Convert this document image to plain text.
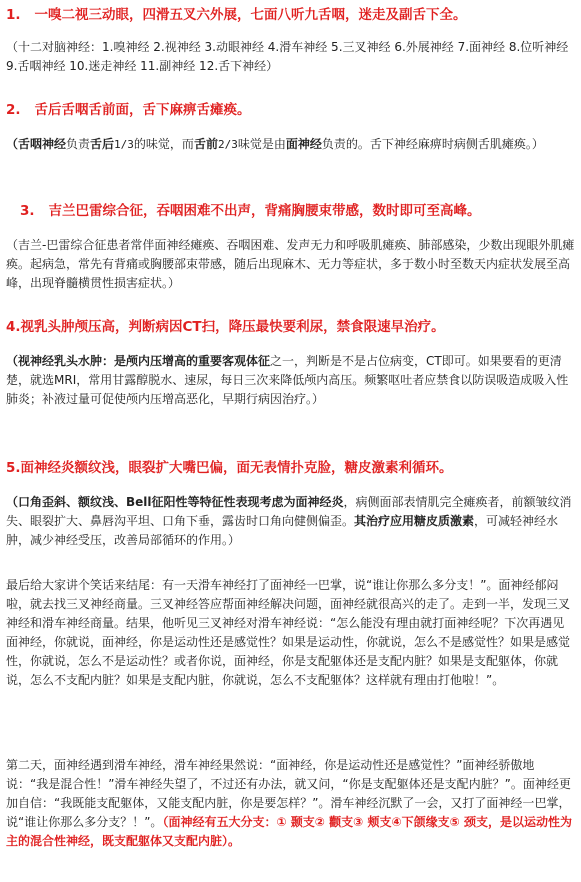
1. 一嗅二视三动眼，四滑五叉六外展，七面八听九舌咽，迷走及副舌下全。
（十二对脑神经：1.嗅神经 2.视神经 3.动眼神经 4.滑车神经 5.三叉神经 6.外展神经 7.面神经 8.位听神经 9.舌咽神经 10.迷走神经 11.副神经 12.舌下神经）
2. 舌后舌咽舌前面，舌下麻痹舌瘫痪。
（舌咽神经负责舌后1/3的味觉，而舌前2/3味觉是由面神经负责的。舌下神经麻痹时病侧舌肌瘫痪。）
3. 吉兰巴雷综合征，吞咽困难不出声，背痛胸腰束带感，数时即可至高峰。
（吉兰-巴雷综合征患者常伴面神经瘫痪、吞咽困难、发声无力和呼吸肌瘫痪、肺部感染，少数出现眼外肌瘫痪。起病急，常先有背痛或胸腰部束带感，随后出现麻木、无力等症状，多于数小时至数天内症状发展至高峰，出现脊髓横贯性损害症状。）
4.视乳头肿颅压高，判断病因CT扫，降压最快要利尿，禁食限速早治疗。
（视神经乳头水肿：是颅内压增高的重要客观体征之一，判断是不是占位病变，CT即可。如果要看的更清楚，就选MRI，常用甘露醇脱水、速尿，每日三次来降低颅内高压。频繁呕吐者应禁食以防误吸造成吸入性肺炎；补液过量可促使颅内压增高恶化，早期行病因治疗。）
5.面神经炎额纹浅，眼裂扩大嘴巴偏，面无表情扑克脸，糖皮激素利循环。
（口角歪斜、额纹浅、Bell征阳性等特征性表现考虑为面神经炎，病侧面部表情肌完全瘫痪者，前额皱纹消失、眼裂扩大、鼻唇沟平坦、口角下垂，露齿时口角向健侧偏歪。其治疗应用糖皮质激素，可减轻神经水肿，减少神经受压，改善局部循环的作用。）
最后给大家讲个笑话来结尾：有一天滑车神经打了面神经一巴掌，说“谁让你那么多分支！”。面神经郁闷啦，就去找三叉神经商量。三叉神经答应帮面神经解决问题，面神经就很高兴的走了。走到一半，发现三叉神经和滑车神经商量。结果，他听见三叉神经对滑车神经说：“怎么能没有理由就打面神经呢？下次再遇见面神经，你就说，面神经，你是运动性还是感觉性？如果是运动性，你就说，怎么不是感觉性？如果是感觉性，你就说，怎么不是运动性？或者你说，面神经，你是支配躯体还是支配内脏？如果是支配躯体，你就说，怎么不支配内脏？如果是支配内脏，你就说，怎么不支配躯体？这样就有理由打他啦！”。
第二天，面神经遇到滑车神经，滑车神经果然说：“面神经，你是运动性还是感觉性？”面神经骄傲地说：“我是混合性！”滑车神经失望了，不过还有办法，就又问，“你是支配躯体还是支配内脏？”。面神经更加自信：“我既能支配躯体，又能支配内脏，你是要怎样？”。滑车神经沉默了一会，又打了面神经一巴掌，说“谁让你那么多分支？！”。（面神经有五大分支：① 颞支② 颧支③ 颊支④下颌缘支⑤ 颈支，是以运动性为主的混合性神经，既支配躯体又支配内脏）。
